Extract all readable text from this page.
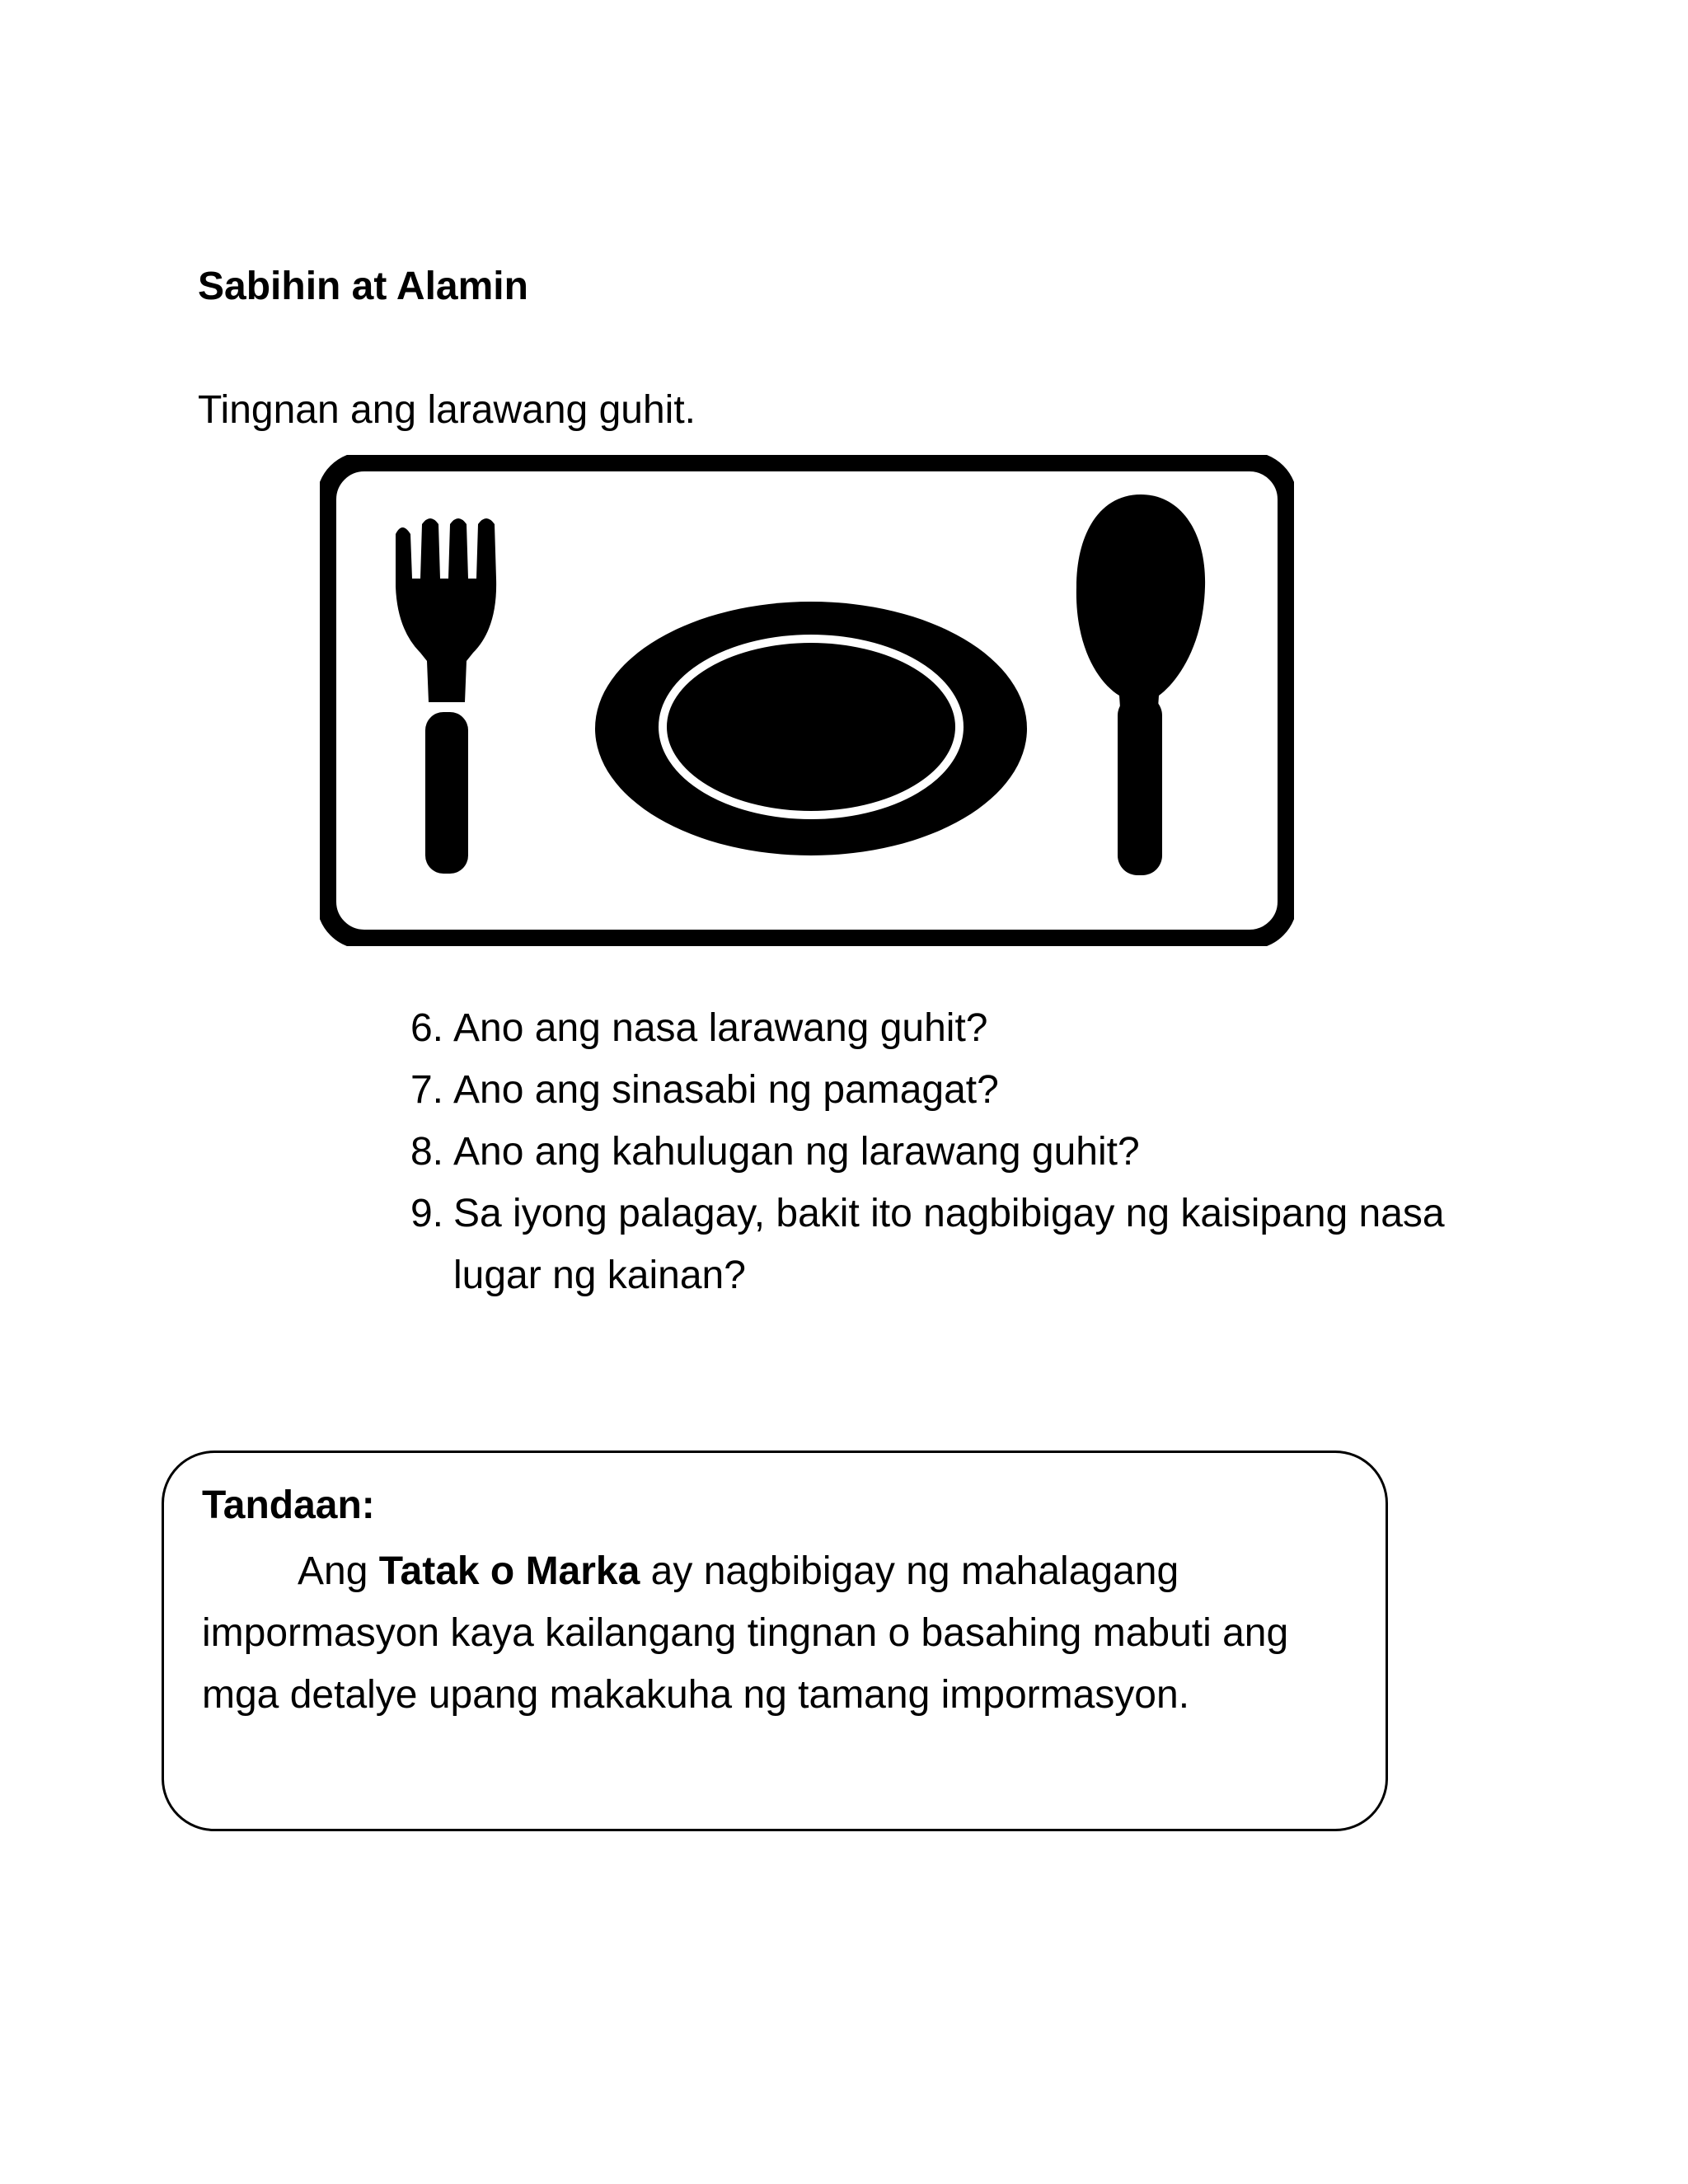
Sabihin at Alamin
Tingnan ang larawang guhit.
6. Ano ang nasa larawang guhit?
7. Ano ang sinasabi ng pamagat?
8. Ano ang kahulugan ng larawang guhit?
9. Sa iyong palagay, bakit ito nagbibigay ng kaisipang nasa lugar ng kainan?
Tandaan:

Ang Tatak o Marka ay nagbibigay ng mahalagang impormasyon kaya kailangang tingnan o basahing mabuti ang mga detalye upang makakuha ng tamang impormasyon.
